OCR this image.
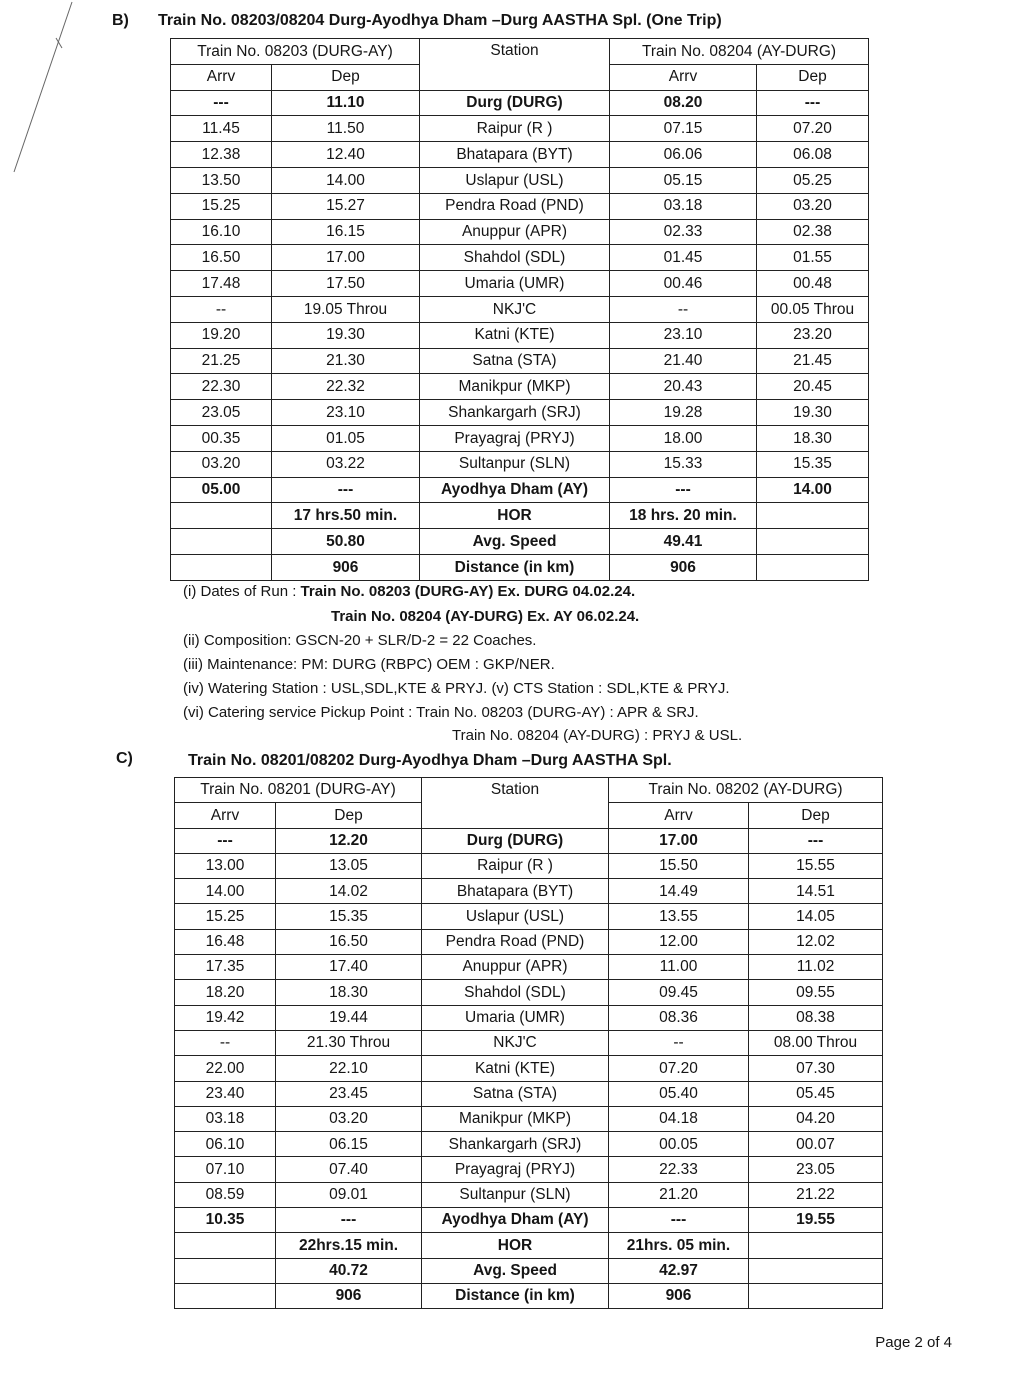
B) Train No. 08203/08204 Durg-Ayodhya Dham –Durg AASTHA Spl. (One Trip)
Train No. 08203 (DURG-AY)		Station	Train No. 08204 (AY-DURG)	
Arrv	Dep		Arrv	Dep
---	11.10	Durg (DURG)	08.20	---
11.45	11.50	Raipur (R )	07.15	07.20
12.38	12.40	Bhatapara (BYT)	06.06	06.08
13.50	14.00	Uslapur (USL)	05.15	05.25
15.25	15.27	Pendra Road (PND)	03.18	03.20
16.10	16.15	Anuppur (APR)	02.33	02.38
16.50	17.00	Shahdol (SDL)	01.45	01.55
17.48	17.50	Umaria (UMR)	00.46	00.48
--	19.05 Throu	NKJ'C	--	00.05 Throu
19.20	19.30	Katni (KTE)	23.10	23.20
21.25	21.30	Satna (STA)	21.40	21.45
22.30	22.32	Manikpur (MKP)	20.43	20.45
23.05	23.10	Shankargarh (SRJ)	19.28	19.30
00.35	01.05	Prayagraj (PRYJ)	18.00	18.30
03.20	03.22	Sultanpur (SLN)	15.33	15.35
05.00	---	Ayodhya Dham (AY)	---	14.00
	17 hrs.50 min.	HOR	18 hrs. 20 min.	
	50.80	Avg. Speed	49.41	
	906	Distance (in km)	906	
(i) Dates of Run : Train No. 08203 (DURG-AY) Ex. DURG 04.02.24.
Train No. 08204 (AY-DURG) Ex. AY 06.02.24.
(ii) Composition: GSCN-20 + SLR/D-2 = 22 Coaches.
(iii) Maintenance: PM: DURG (RBPC) OEM : GKP/NER.
(iv) Watering Station : USL,SDL,KTE & PRYJ. (v) CTS Station : SDL,KTE & PRYJ.
(vi) Catering service Pickup Point : Train No. 08203 (DURG-AY) : APR & SRJ.
Train No. 08204 (AY-DURG) : PRYJ & USL.
C)	Train No. 08201/08202 Durg-Ayodhya Dham –Durg AASTHA Spl.
Train No. 08201 (DURG-AY)		Station	Train No. 08202 (AY-DURG)	
Arrv	Dep		Arrv	Dep
---	12.20	Durg (DURG)	17.00	---
13.00	13.05	Raipur (R )	15.50	15.55
14.00	14.02	Bhatapara (BYT)	14.49	14.51
15.25	15.35	Uslapur (USL)	13.55	14.05
16.48	16.50	Pendra Road (PND)	12.00	12.02
17.35	17.40	Anuppur (APR)	11.00	11.02
18.20	18.30	Shahdol (SDL)	09.45	09.55
19.42	19.44	Umaria (UMR)	08.36	08.38
--	21.30 Throu	NKJ'C	--	08.00 Throu
22.00	22.10	Katni (KTE)	07.20	07.30
23.40	23.45	Satna (STA)	05.40	05.45
03.18	03.20	Manikpur (MKP)	04.18	04.20
06.10	06.15	Shankargarh (SRJ)	00.05	00.07
07.10	07.40	Prayagraj (PRYJ)	22.33	23.05
08.59	09.01	Sultanpur (SLN)	21.20	21.22
10.35	---	Ayodhya Dham (AY)	---	19.55
	22hrs.15 min.	HOR	21hrs. 05 min.	
	40.72	Avg. Speed	42.97	
	906	Distance (in km)	906	
Page 2 of 4
